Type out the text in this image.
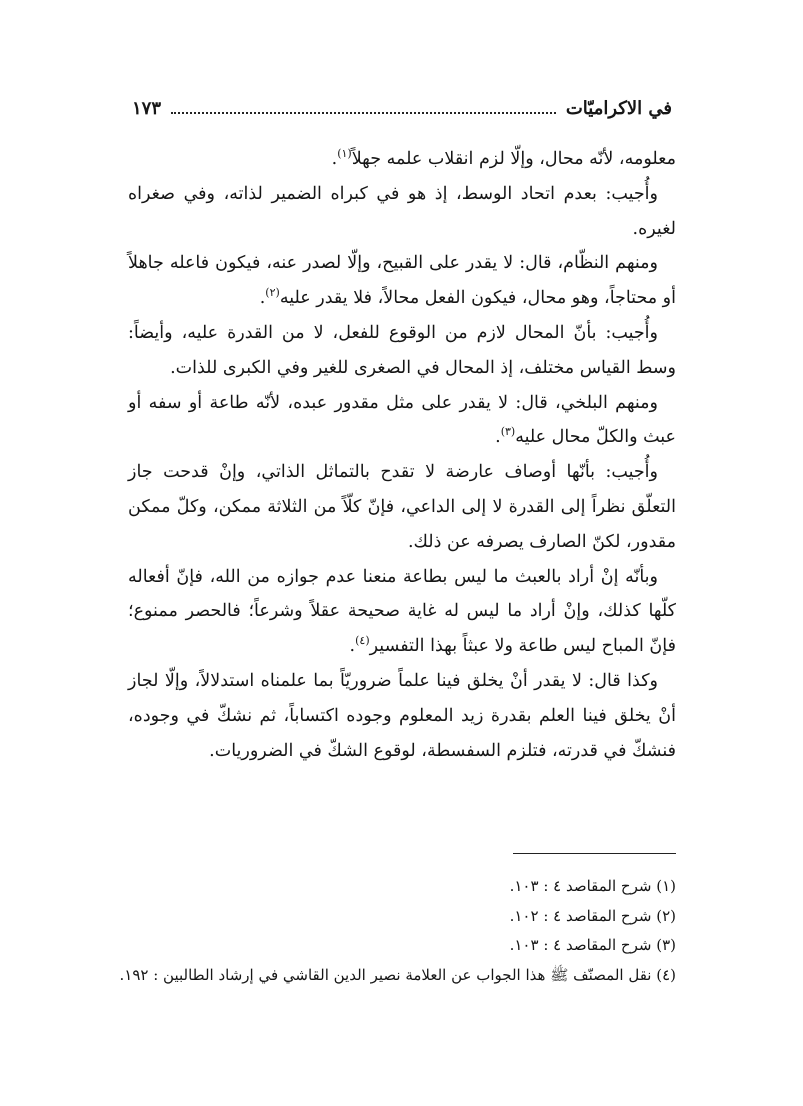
في الاكراميّات
١٧٣

معلومه، لأنّه محال، وإلّا لزم انقلاب علمه جهلاً$^{(١)}$.

وأُجيب: بعدم اتحاد الوسط، إذ هو في كبراه الضمير لذاته، وفي صغراه لغيره.

ومنهم النظّام، قال: لا يقدر على القبيح، وإلّا لصدر عنه، فيكون فاعله جاهلاً أو محتاجاً، وهو محال، فيكون الفعل محالاً، فلا يقدر عليه$^{(٢)}$.

وأُجيب: بأنّ المحال لازم من الوقوع للفعل، لا من القدرة عليه، وأيضاً: وسط القياس مختلف، إذ المحال في الصغرى للغير وفي الكبرى للذات.

ومنهم البلخي، قال: لا يقدر على مثل مقدور عبده، لأنّه طاعة أو سفه أو عبث والكلّ محال عليه$^{(٣)}$.

وأُجيب: بأنّها أوصاف عارضة لا تقدح بالتماثل الذاتي، وإنْ قدحت جاز التعلّق نظراً إلى القدرة لا إلى الداعي، فإنّ كلّاً من الثلاثة ممكن، وكلّ ممكن مقدور، لكنّ الصارف يصرفه عن ذلك.

وبأنّه إنْ أراد بالعبث ما ليس بطاعة منعنا عدم جوازه من الله، فإنّ أفعاله كلّها كذلك، وإنْ أراد ما ليس له غاية صحيحة عقلاً وشرعاً؛ فالحصر ممنوع؛ فإنّ المباح ليس طاعة ولا عبثاً بهذا التفسير$^{(٤)}$.

وكذا قال: لا يقدر أنْ يخلق فينا علماً ضروريّاً بما علمناه استدلالاً، وإلّا لجاز أنْ يخلق فينا العلم بقدرة زيد المعلوم وجوده اكتساباً، ثم نشكّ في وجوده، فنشكّ في قدرته، فتلزم السفسطة، لوقوع الشكّ في الضروريات.

(١) شرح المقاصد ٤ : ١٠٣.

(٢) شرح المقاصد ٤ : ١٠٢.

(٣) شرح المقاصد ٤ : ١٠٣.

(٤) نقل المصنّف ﷺ هذا الجواب عن العلامة نصير الدين القاشي في إرشاد الطالبين : ١٩٢.
